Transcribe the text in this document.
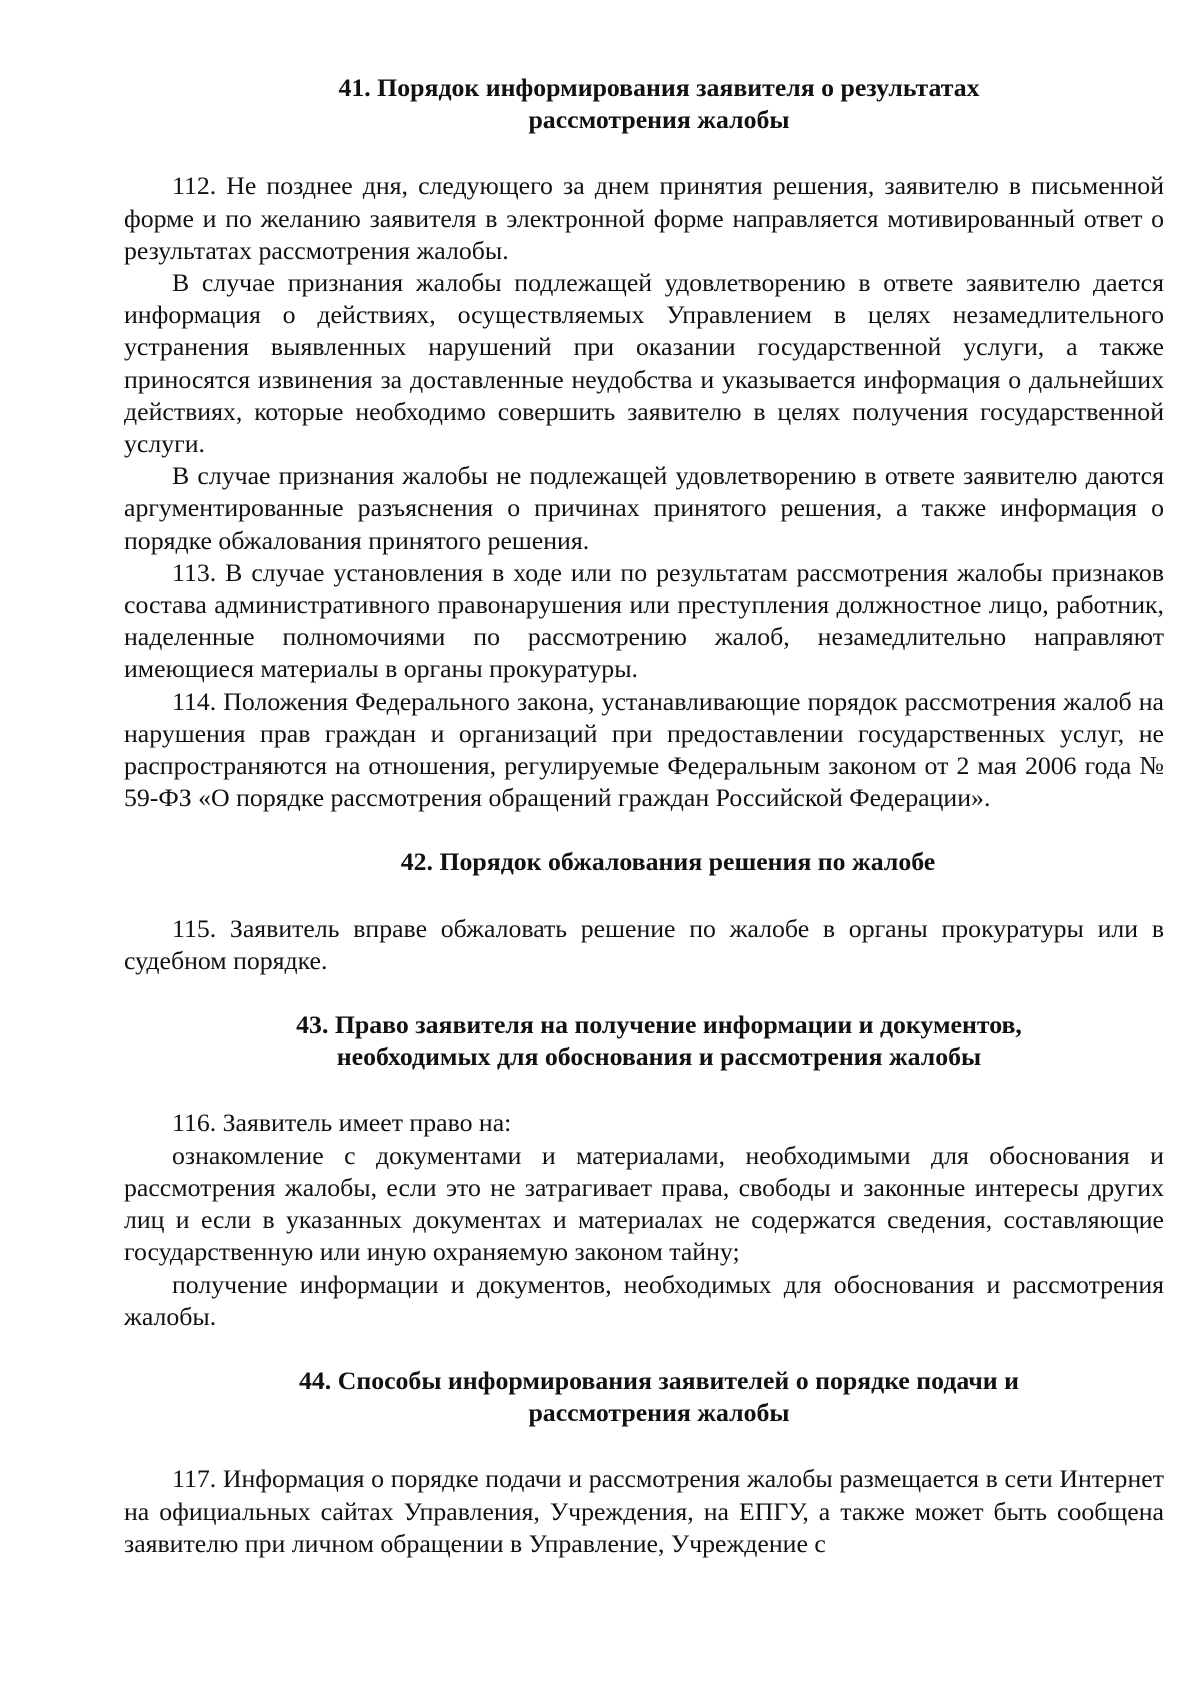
41. Порядок информирования заявителя о результатах
рассмотрения жалобы

112. Не позднее дня, следующего за днем принятия решения, заявителю в письменной форме и по желанию заявителя в электронной форме направляется мотивированный ответ о результатах рассмотрения жалобы.

В случае признания жалобы подлежащей удовлетворению в ответе заявителю дается информация о действиях, осуществляемых Управлением в целях незамедлительного устранения выявленных нарушений при оказании государственной услуги, а также приносятся извинения за доставленные неудобства и указывается информация о дальнейших действиях, которые необходимо совершить заявителю в целях получения государственной услуги.

В случае признания жалобы не подлежащей удовлетворению в ответе заявителю даются аргументированные разъяснения о причинах принятого решения, а также информация о порядке обжалования принятого решения.

113. В случае установления в ходе или по результатам рассмотрения жалобы признаков состава административного правонарушения или преступления должностное лицо, работник, наделенные полномочиями по рассмотрению жалоб, незамедлительно направляют имеющиеся материалы в органы прокуратуры.

114. Положения Федерального закона, устанавливающие порядок рассмотрения жалоб на нарушения прав граждан и организаций при предоставлении государственных услуг, не распространяются на отношения, регулируемые Федеральным законом от 2 мая 2006 года № 59-ФЗ «О порядке рассмотрения обращений граждан Российской Федерации».

42. Порядок обжалования решения по жалобе

115. Заявитель вправе обжаловать решение по жалобе в органы прокуратуры или в судебном порядке.

43. Право заявителя на получение информации и документов,
необходимых для обоснования и рассмотрения жалобы

116. Заявитель имеет право на:

ознакомление с документами и материалами, необходимыми для обоснования и рассмотрения жалобы, если это не затрагивает права, свободы и законные интересы других лиц и если в указанных документах и материалах не содержатся сведения, составляющие государственную или иную охраняемую законом тайну;

получение информации и документов, необходимых для обоснования и рассмотрения жалобы.

44. Способы информирования заявителей о порядке подачи и
рассмотрения жалобы

117. Информация о порядке подачи и рассмотрения жалобы размещается в сети Интернет на официальных сайтах Управления, Учреждения, на ЕПГУ, а также может быть сообщена заявителю при личном обращении в Управление, Учреждение с
